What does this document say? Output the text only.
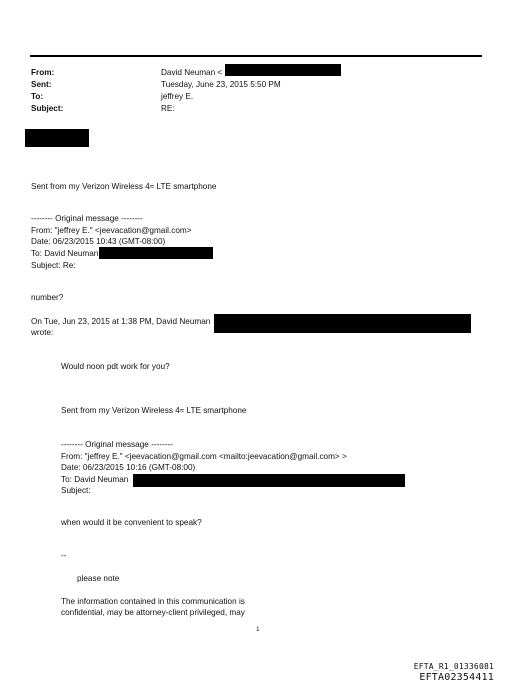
From:
Sent:
To:
Subject:
David Neuman <
Tuesday, June 23, 2015 5:50 PM
jeffrey E.
RE:
Sent from my Verizon Wireless 4≈ LTE smartphone
-------- Original message --------
From: "jeffrey E." <jeevacation@gmail.com>
Date: 06/23/2015 10:43 (GMT-08:00)
To: David Neuman
Subject: Re:
number?
On Tue, Jun 23, 2015 at 1:38 PM, David Neuman
wrote:
Would noon pdt work for you?
Sent from my Verizon Wireless 4≈ LTE smartphone
-------- Original message --------
From: "jeffrey E." <jeevacation@gmail.com <mailto:jeevacation@gmail.com> >
Date: 06/23/2015 10:16 (GMT-08:00)
To: David Neuman
Subject:
when would it be convenient to speak?
--
please note
The information contained in this communication is
confidential, may be attorney-client privileged, may
1
EFTA_R1_01336081
EFTA02354411
